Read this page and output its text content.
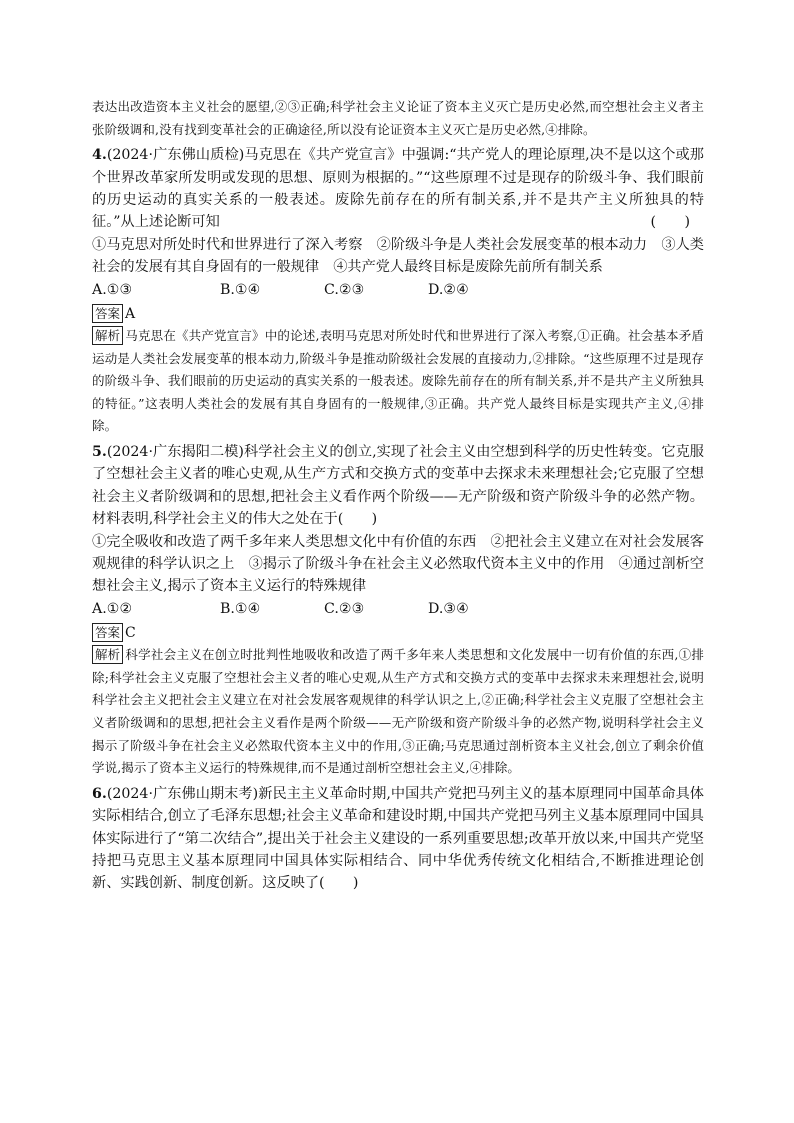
表达出改造资本主义社会的愿望,②③正确;科学社会主义论证了资本主义灭亡是历史必然,而空想社会主义者主张阶级调和,没有找到变革社会的正确途径,所以没有论证资本主义灭亡是历史必然,④排除。
4.(2024·广东佛山质检)马克思在《共产党宣言》中强调:“共产党人的理论原理,决不是以这个或那个世界改革家所发明或发现的思想、原则为根据的。”“这些原理不过是现存的阶级斗争、我们眼前的历史运动的真实关系的一般表述。废除先前存在的所有制关系,并不是共产主义所独具的特征。”从上述论断可知	(　　)
①马克思对所处时代和世界进行了深入考察　②阶级斗争是人类社会发展变革的根本动力　③人类社会的发展有其自身固有的一般规律　④共产党人最终目标是废除先前所有制关系
A.①③	B.①④	C.②③	D.②④
答案 A
解析 马克思在《共产党宣言》中的论述,表明马克思对所处时代和世界进行了深入考察,①正确。社会基本矛盾运动是人类社会发展变革的根本动力,阶级斗争是推动阶级社会发展的直接动力,②排除。“这些原理不过是现存的阶级斗争、我们眼前的历史运动的真实关系的一般表述。废除先前存在的所有制关系,并不是共产主义所独具的特征。”这表明人类社会的发展有其自身固有的一般规律,③正确。共产党人最终目标是实现共产主义,④排除。
5.(2024·广东揭阳二模)科学社会主义的创立,实现了社会主义由空想到科学的历史性转变。它克服了空想社会主义者的唯心史观,从生产方式和交换方式的变革中去探求未来理想社会;它克服了空想社会主义者阶级调和的思想,把社会主义看作两个阶级——无产阶级和资产阶级斗争的必然产物。材料表明,科学社会主义的伟大之处在于(　　)
①完全吸收和改造了两千多年来人类思想文化中有价值的东西　②把社会主义建立在对社会发展客观规律的科学认识之上　③揭示了阶级斗争在社会主义必然取代资本主义中的作用　④通过剖析空想社会主义,揭示了资本主义运行的特殊规律
A.①②	B.①④	C.②③	D.③④
答案 C
解析 科学社会主义在创立时批判性地吸收和改造了两千多年来人类思想和文化发展中一切有价值的东西,①排除;科学社会主义克服了空想社会主义者的唯心史观,从生产方式和交换方式的变革中去探求未来理想社会,说明科学社会主义把社会主义建立在对社会发展客观规律的科学认识之上,②正确;科学社会主义克服了空想社会主义者阶级调和的思想,把社会主义看作是两个阶级——无产阶级和资产阶级斗争的必然产物,说明科学社会主义揭示了阶级斗争在社会主义必然取代资本主义中的作用,③正确;马克思通过剖析资本主义社会,创立了剩余价值学说,揭示了资本主义运行的特殊规律,而不是通过剖析空想社会主义,④排除。
6.(2024·广东佛山期末考)新民主主义革命时期,中国共产党把马列主义的基本原理同中国革命具体实际相结合,创立了毛泽东思想;社会主义革命和建设时期,中国共产党把马列主义基本原理同中国具体实际进行了“第二次结合”,提出关于社会主义建设的一系列重要思想;改革开放以来,中国共产党坚持把马克思主义基本原理同中国具体实际相结合、同中华优秀传统文化相结合,不断推进理论创新、实践创新、制度创新。这反映了(　　)
